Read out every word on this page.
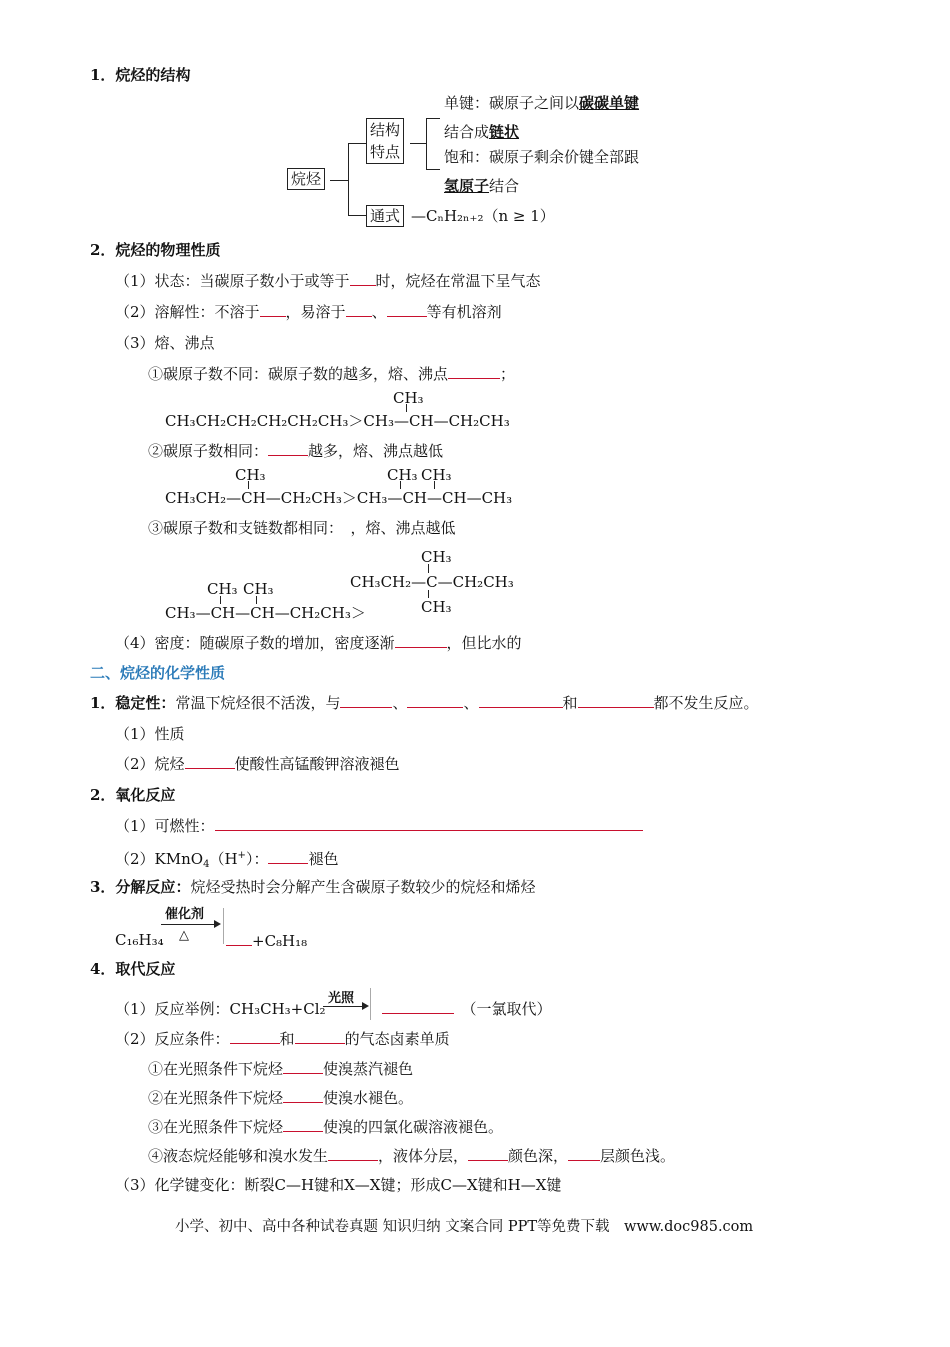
1．烷烃的结构
烷烃
结构
特点
单键：碳原子之间以碳碳单键
结合成链状
饱和：碳原子剩余价键全部跟
氢原子结合
通式 —CₙH₂ₙ₊₂（n ≥ 1）
2．烷烃的物理性质
（1）状态：当碳原子数小于或等于 时，烷烃在常温下呈气态
（2）溶解性：不溶于 ，易溶于 、	等有机溶剂
（3）熔、沸点
①碳原子数不同：碳原子数的越多，熔、沸点	；
CH₃
CH₃CH₂CH₂CH₂CH₂CH₃＞CH₃—CH—CH₂CH₃
②碳原子数相同：	越多，熔、沸点越低
CH₃	CH₃ CH₃
CH₃CH₂—CH—CH₂CH₃＞CH₃—CH—CH—CH₃
③碳原子数和支链数都相同：　，熔、沸点越低
CH₃ CH₃
CH₃—CH—CH—CH₂CH₃＞
CH₃
CH₃CH₂—C—CH₂CH₃
CH₃
（4）密度：随碳原子数的增加，密度逐渐	，但比水的
二、烷烃的化学性质
1．稳定性：常温下烷烃很不活泼，与	、	、	和	都不发生反应。
（1）性质
（2）烷烃	使酸性高锰酸钾溶液褪色
2．氧化反应
（1）可燃性：
（2）KMnO$_4$（H+）：	褪色
3．分解反应：烷烃受热时会分解产生含碳原子数较少的烷烃和烯烃
催化剂
△
C₁₆H₃₄	+C₈H₁₈
4．取代反应
光照
（1）反应举例：CH₃CH₃+Cl₂	（一氯取代）
（2）反应条件：	和	的气态卤素单质
①在光照条件下烷烃	使溴蒸汽褪色
②在光照条件下烷烃	使溴水褪色。
③在光照条件下烷烃	使溴的四氯化碳溶液褪色。
④液态烷烃能够和溴水发生	，液体分层，	颜色深， 层颜色浅。
（3）化学键变化：断裂C—H键和X—X键；形成C—X键和H—X键
小学、初中、高中各种试卷真题 知识归纳 文案合同 PPT等免费下载　www.doc985.com
